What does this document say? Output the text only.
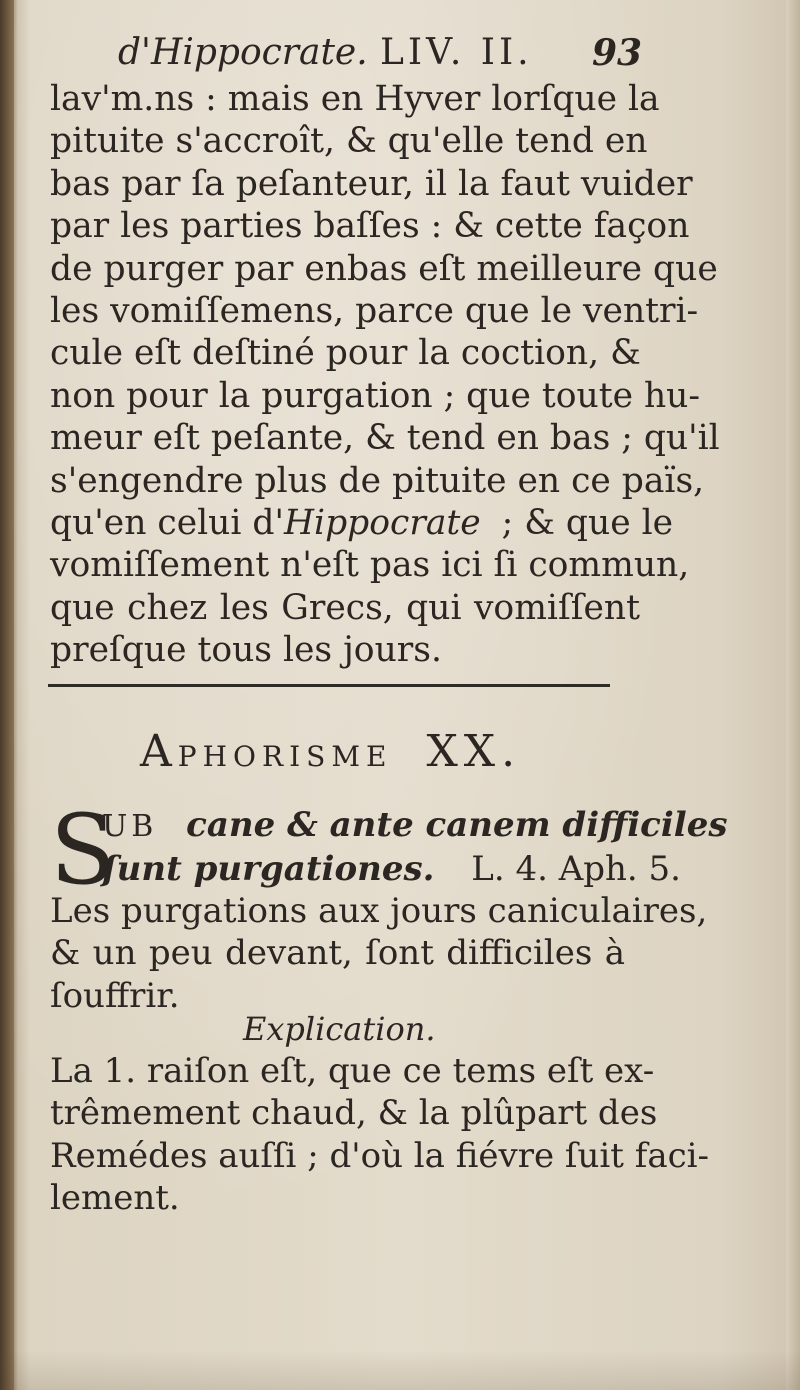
d'Hippocrate. LIV. II. 93
lav'm.ns : mais en Hyver lorſque la
pituite s'accroît, & qu'elle tend en
bas par ſa peſanteur, il la faut vuider
par les parties baſſes : & cette façon
de purger par enbas eſt meilleure que
les vomiſſemens, parce que le ventri-
cule eſt deſtiné pour la coction, &
non pour la purgation ; que toute hu-
meur eſt peſante, & tend en bas ; qu'il
s'engendre plus de pituite en ce païs,
qu'en celui d'Hippocrate ; & que le
vomiſſement n'eſt pas ici ſi commun,
que chez les Grecs, qui vomiſſent
preſque tous les jours.
APHORISME XX.
S
UB cane & ante canem difficiles
ſunt purgationes. L. 4. Aph. 5.
Les purgations aux jours caniculaires,
& un peu devant, ſont difficiles à
ſouffrir.
Explication.
La 1. raiſon eſt, que ce tems eſt ex-
trêmement chaud, & la plûpart des
Remédes auſſi ; d'où la fiévre ſuit faci-
lement.
